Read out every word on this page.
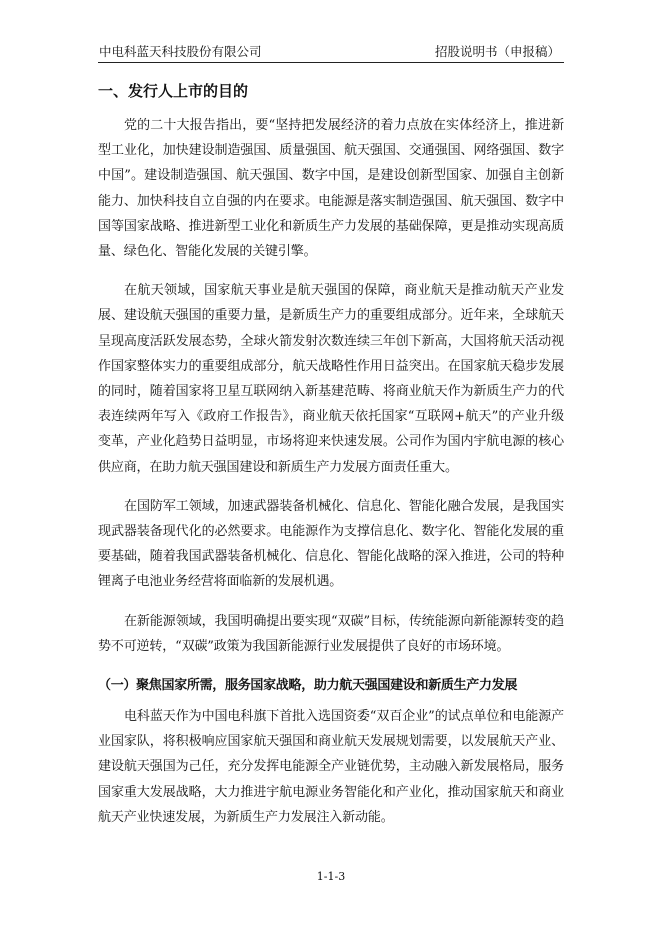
中电科蓝天科技股份有限公司	招股说明书（申报稿）
一、发行人上市的目的

党的二十大报告指出，要“坚持把发展经济的着力点放在实体经济上，推进新型工业化，加快建设制造强国、质量强国、航天强国、交通强国、网络强国、数字中国”。建设制造强国、航天强国、数字中国，是建设创新型国家、加强自主创新能力、加快科技自立自强的内在要求。电能源是落实制造强国、航天强国、数字中国等国家战略、推进新型工业化和新质生产力发展的基础保障，更是推动实现高质量、绿色化、智能化发展的关键引擎。

在航天领域，国家航天事业是航天强国的保障，商业航天是推动航天产业发展、建设航天强国的重要力量，是新质生产力的重要组成部分。近年来，全球航天呈现高度活跃发展态势，全球火箭发射次数连续三年创下新高，大国将航天活动视作国家整体实力的重要组成部分，航天战略性作用日益突出。在国家航天稳步发展的同时，随着国家将卫星互联网纳入新基建范畴、将商业航天作为新质生产力的代表连续两年写入《政府工作报告》，商业航天依托国家“互联网+航天”的产业升级变革，产业化趋势日益明显，市场将迎来快速发展。公司作为国内宇航电源的核心供应商，在助力航天强国建设和新质生产力发展方面责任重大。

在国防军工领域，加速武器装备机械化、信息化、智能化融合发展，是我国实现武器装备现代化的必然要求。电能源作为支撑信息化、数字化、智能化发展的重要基础，随着我国武器装备机械化、信息化、智能化战略的深入推进，公司的特种锂离子电池业务经营将面临新的发展机遇。

在新能源领域，我国明确提出要实现“双碳”目标，传统能源向新能源转变的趋势不可逆转，“双碳”政策为我国新能源行业发展提供了良好的市场环境。

（一）聚焦国家所需，服务国家战略，助力航天强国建设和新质生产力发展

电科蓝天作为中国电科旗下首批入选国资委“双百企业”的试点单位和电能源产业国家队，将积极响应国家航天强国和商业航天发展规划需要，以发展航天产业、建设航天强国为己任，充分发挥电能源全产业链优势，主动融入新发展格局，服务国家重大发展战略，大力推进宇航电源业务智能化和产业化，推动国家航天和商业航天产业快速发展，为新质生产力发展注入新动能。

1-1-3
